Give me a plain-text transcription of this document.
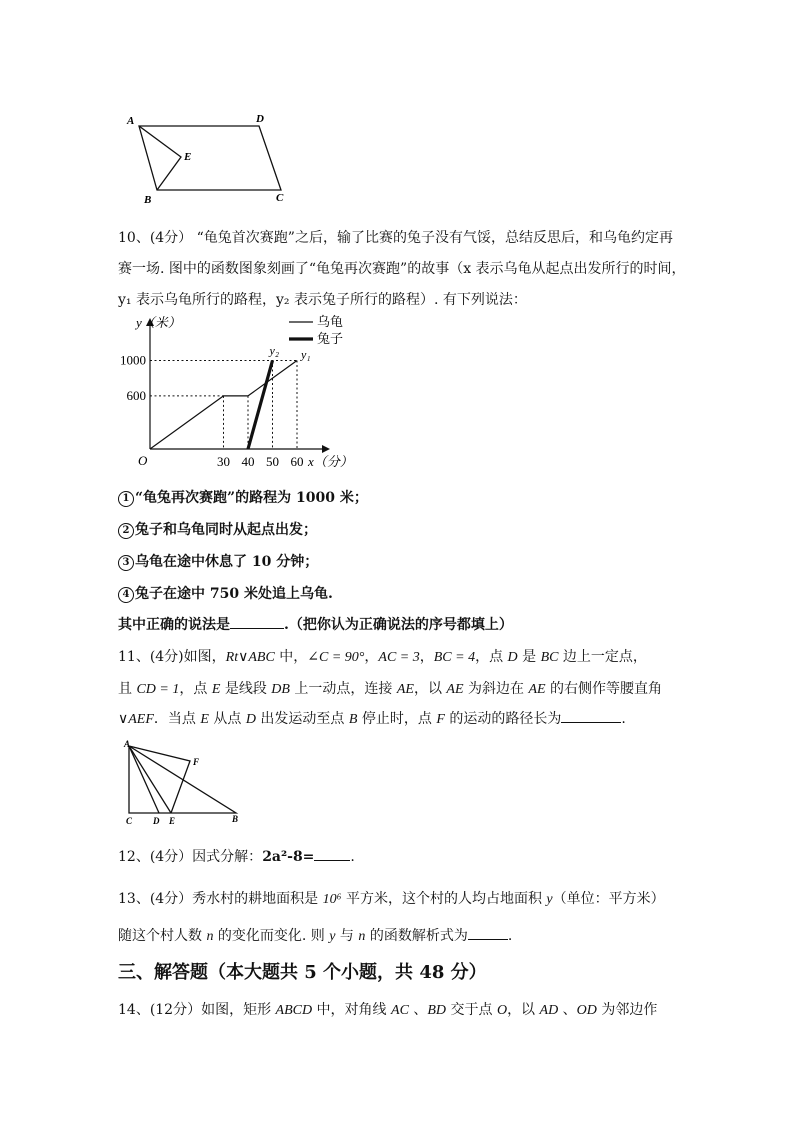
A	D
E
B	C
10、(4分） “龟兔首次赛跑”之后，输了比赛的兔子没有气馁，总结反思后，和乌龟约定再
赛一场. 图中的函数图象刻画了“龟兔再次赛跑”的故事（x 表示乌龟从起点出发所行的时间，
y₁ 表示乌龟所行的路程，y₂ 表示兔子所行的路程）. 有下列说法：
y（米）
x（分）
O	30 40 50 60
600
1000	y₁
y₂
乌龟
兔子
1 “龟兔再次赛跑”的路程为 1000 米；
2 兔子和乌龟同时从起点出发；
3 乌龟在途中休息了 10 分钟；
4 兔子在途中 750 米处追上乌龟.
其中正确的说法是	.（把你认为正确说法的序号都填上）
11、(4分)如图，Rt∨ABC 中，∠C = 90°，AC = 3，BC = 4，点 D 是 BC 边上一定点，
且 CD = 1，点 E 是线段 DB 上一动点，连接 AE，以 AE 为斜边在 AE 的右侧作等腰直角
∨AEF．当点 E 从点 D 出发运动至点 B 停止时，点 F 的运动的路径长为	.
A
F
C D E	B
12、(4分）因式分解：2a²-8=	.
13、(4分）秀水村的耕地面积是 10⁶ 平方米，这个村的人均占地面积 y（单位：平方米）
随这个村人数 n 的变化而变化. 则 y 与 n 的函数解析式为	.
三、解答题（本大题共 5 个小题，共 48 分）
14、(12分）如图，矩形 ABCD 中，对角线 AC 、BD 交于点 O，以 AD 、OD 为邻边作
